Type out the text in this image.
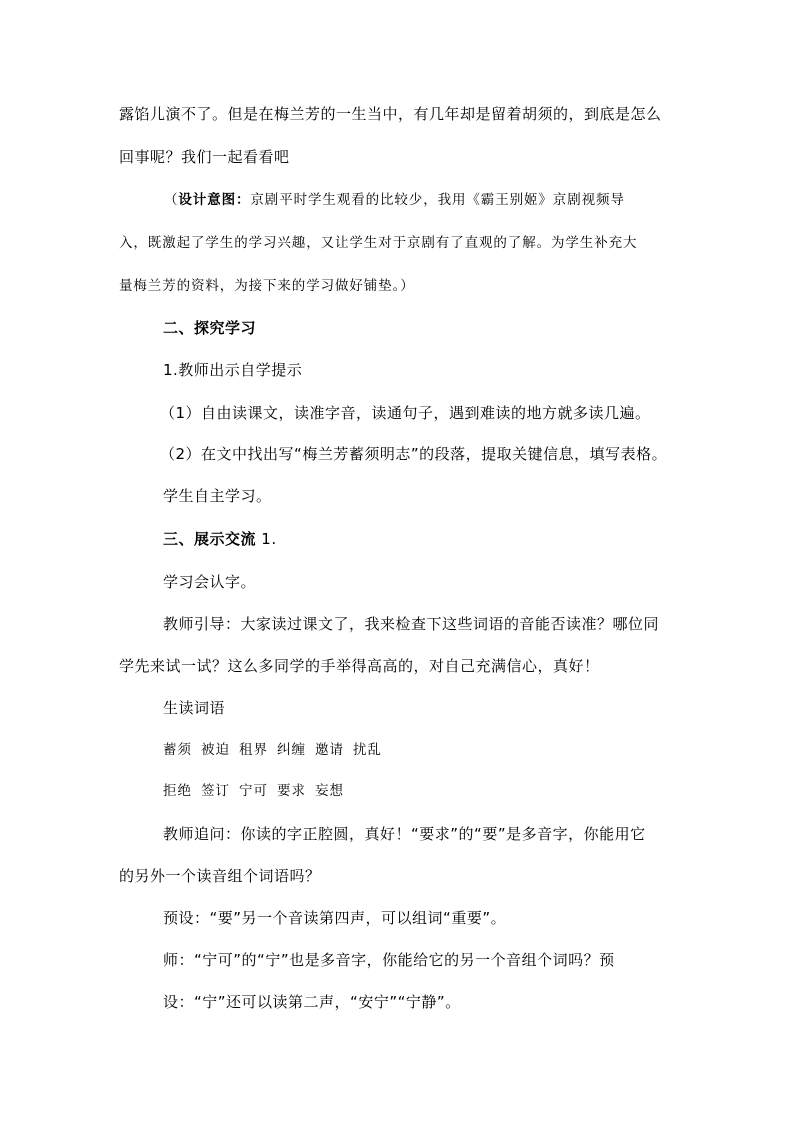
露馅儿演不了。但是在梅兰芳的一生当中，有几年却是留着胡须的，到底是怎么
回事呢？我们一起看看吧
（设计意图：京剧平时学生观看的比较少，我用《霸王别姬》京剧视频导
入，既激起了学生的学习兴趣，又让学生对于京剧有了直观的了解。为学生补充大
量梅兰芳的资料，为接下来的学习做好铺垫。）
二、探究学习
1.教师出示自学提示
（1）自由读课文，读准字音，读通句子，遇到难读的地方就多读几遍。
（2）在文中找出写“梅兰芳蓄须明志”的段落，提取关键信息，填写表格。
学生自主学习。
三、展示交流 1.
学习会认字。
教师引导：大家读过课文了，我来检查下这些词语的音能否读准？哪位同
学先来试一试？这么多同学的手举得高高的，对自己充满信心，真好！
生读词语
蓄须 被迫 租界 纠缠 邀请 扰乱
拒绝 签订 宁可 要求 妄想
教师追问：你读的字正腔圆，真好！“要求”的“要”是多音字，你能用它
的另外一个读音组个词语吗？
预设：“要”另一个音读第四声，可以组词“重要”。
师：“宁可”的“宁”也是多音字，你能给它的另一个音组个词吗？预
设：“宁”还可以读第二声，“安宁”“宁静”。
